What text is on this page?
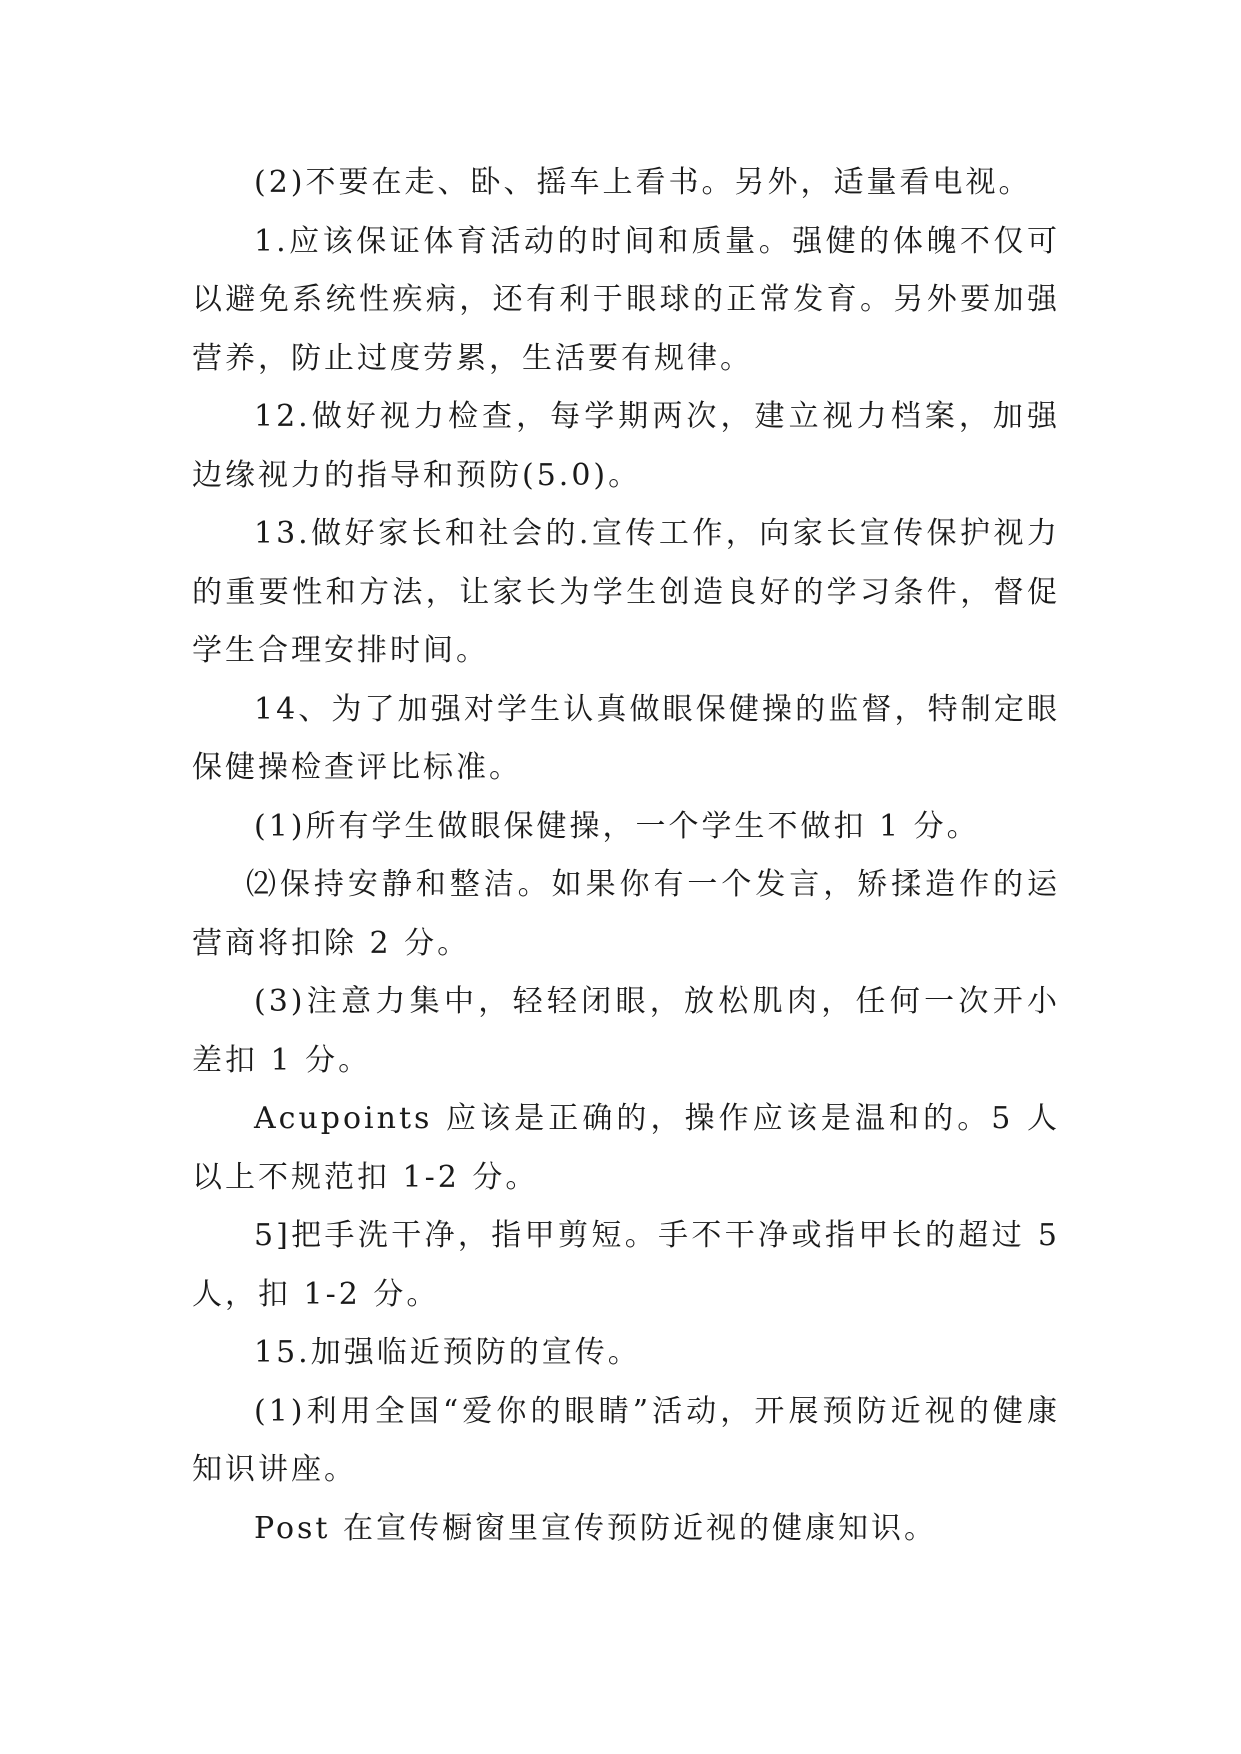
(2)不要在走、卧、摇车上看书。另外，适量看电视。

1.应该保证体育活动的时间和质量。强健的体魄不仅可以避免系统性疾病，还有利于眼球的正常发育。另外要加强营养，防止过度劳累，生活要有规律。

12.做好视力检查，每学期两次，建立视力档案，加强边缘视力的指导和预防(5.0)。

13.做好家长和社会的.宣传工作，向家长宣传保护视力的重要性和方法，让家长为学生创造良好的学习条件，督促学生合理安排时间。

14、为了加强对学生认真做眼保健操的监督，特制定眼保健操检查评比标准。

(1)所有学生做眼保健操，一个学生不做扣 1 分。

⑵保持安静和整洁。如果你有一个发言，矫揉造作的运营商将扣除 2 分。

(3)注意力集中，轻轻闭眼，放松肌肉，任何一次开小差扣 1 分。

Acupoints 应该是正确的，操作应该是温和的。5 人以上不规范扣 1-2 分。

5]把手洗干净，指甲剪短。手不干净或指甲长的超过 5 人，扣 1-2 分。

15.加强临近预防的宣传。

(1)利用全国“爱你的眼睛”活动，开展预防近视的健康知识讲座。

Post 在宣传橱窗里宣传预防近视的健康知识。
